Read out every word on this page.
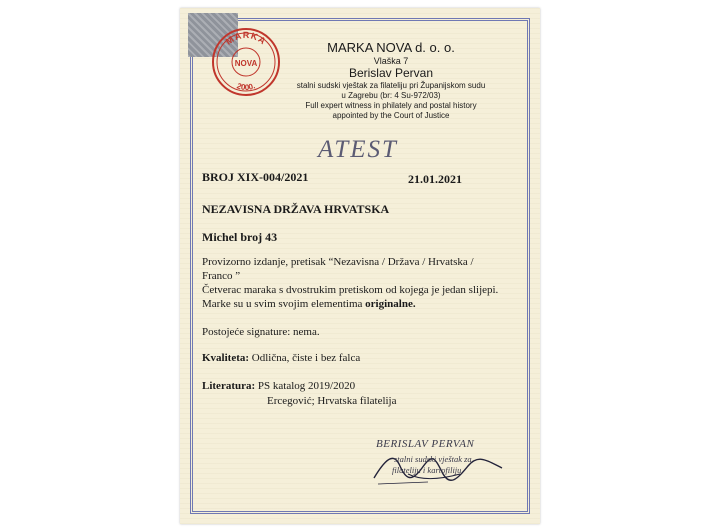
MARKA
NOVA
2000.
MARKA NOVA d. o. o.
Vlaška 7
Berislav Pervan
stalni sudski vještak za filateliju pri Županijskom sudu
u Zagrebu (br: 4 Su-972/03)
Full expert witness in philately and postal history
appointed by the Court of Justice
ATEST
BROJ XIX-004/2021	21.01.2021
NEZAVISNA DRŽAVA HRVATSKA
Michel broj 43
Provizorno izdanje, pretisak “Nezavisna / Država / Hrvatska /
Franco ”
Četverac maraka s dvostrukim pretiskom od kojega je jedan slijepi.
Marke su u svim svojim elementima originalne.
Postojeće signature: nema.
Kvaliteta: Odlična, čiste i bez falca
Literatura: PS katalog 2019/2020
Ercegović; Hrvatska filatelija
BERISLAV PERVAN
stalni sudski vještak za
filateliju i kartofiliju
